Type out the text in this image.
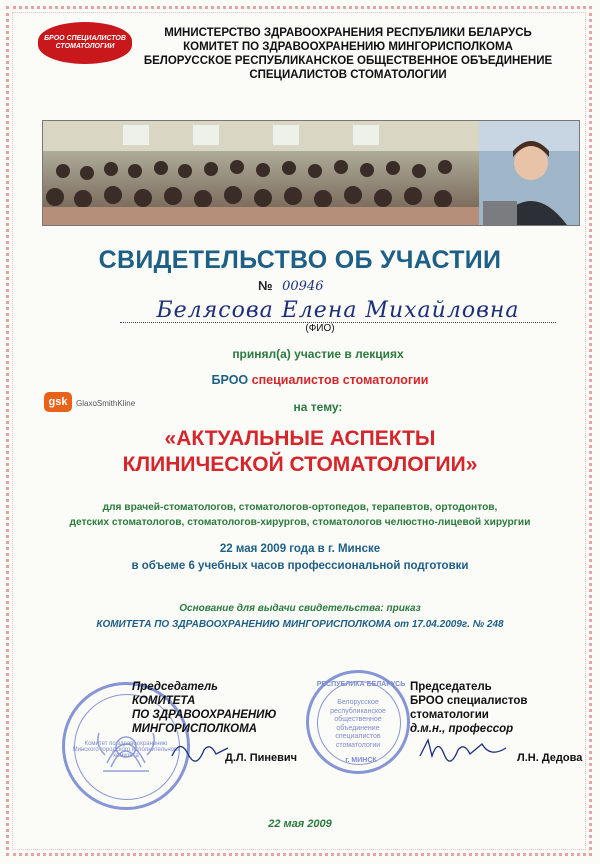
БРОО СПЕЦИАЛИСТОВ СТОМАТОЛОГИИ
МИНИСТЕРСТВО ЗДРАВООХРАНЕНИЯ РЕСПУБЛИКИ БЕЛАРУСЬ
КОМИТЕТ ПО ЗДРАВООХРАНЕНИЮ МИНГОРИСПОЛКОМА
БЕЛОРУССКОЕ РЕСПУБЛИКАНСКОЕ ОБЩЕСТВЕННОЕ ОБЪЕДИНЕНИЕ
СПЕЦИАЛИСТОВ СТОМАТОЛОГИИ
СВИДЕТЕЛЬСТВО ОБ УЧАСТИИ
№ 00946
Белясова Елена Михайловна
(ФИО)
принял(а) участие в лекциях
БРОО специалистов стоматологии
gsk	GlaxoSmithKline	на тему:
«АКТУАЛЬНЫЕ АСПЕКТЫ
КЛИНИЧЕСКОЙ СТОМАТОЛОГИИ»
для врачей-стоматологов, стоматологов-ортопедов, терапевтов, ортодонтов,
детских стоматологов, стоматологов-хирургов, стоматологов челюстно-лицевой хирургии
22 мая 2009 года в г. Минске
в объеме 6 учебных часов профессиональной подготовки
Основание для выдачи свидетельства: приказ
КОМИТЕТА ПО ЗДРАВООХРАНЕНИЮ МИНГОРИСПОЛКОМА от 17.04.2009г. № 248
Комитет по здравоохранению Минского городского исполнительного комитета
РЕСПУБЛИКА БЕЛАРУСЬ
Белорусское республиканское общественное объединение специалистов стоматологии
г. МИНСК
Председатель
КОМИТЕТА
ПО ЗДРАВООХРАНЕНИЮ
МИНГОРИСПОЛКОМА
Д.Л. Пиневич
Председатель
БРОО специалистов
стоматологии
д.м.н., профессор
Л.Н. Дедова
22 мая 2009
